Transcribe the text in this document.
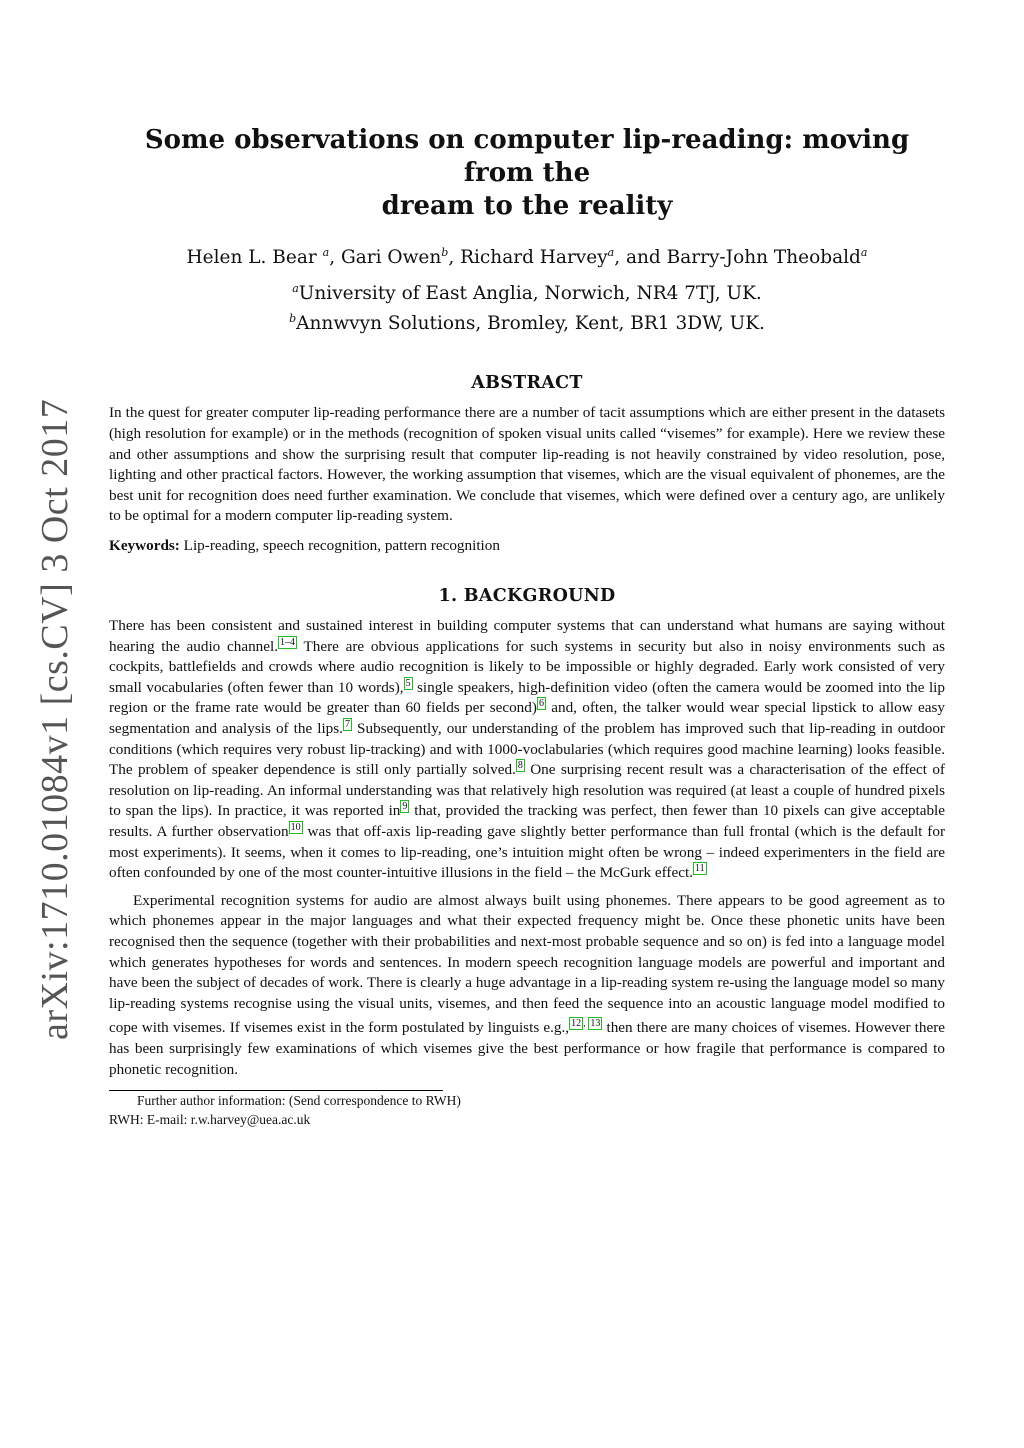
arXiv:1710.01084v1 [cs.CV] 3 Oct 2017
Some observations on computer lip-reading: moving from the
dream to the reality
Helen L. Bear $^a$, Gari Owen$^b$, Richard Harvey$^a$, and Barry-John Theobald$^a$
$^a$University of East Anglia, Norwich, NR4 7TJ, UK.
$^b$Annwvyn Solutions, Bromley, Kent, BR1 3DW, UK.
ABSTRACT

In the quest for greater computer lip-reading performance there are a number of tacit assumptions which are either present in the datasets (high resolution for example) or in the methods (recognition of spoken visual units called “visemes” for example). Here we review these and other assumptions and show the surprising result that computer lip-reading is not heavily constrained by video resolution, pose, lighting and other practical factors. However, the working assumption that visemes, which are the visual equivalent of phonemes, are the best unit for recognition does need further examination. We conclude that visemes, which were defined over a century ago, are unlikely to be optimal for a modern computer lip-reading system.

Keywords: Lip-reading, speech recognition, pattern recognition
1. BACKGROUND

There has been consistent and sustained interest in building computer systems that can understand what humans are saying without hearing the audio channel. $^{1-4}$ There are obvious applications for such systems in security but also in noisy environments such as cockpits, battlefields and crowds where audio recognition is likely to be impossible or highly degraded. Early work consisted of very small vocabularies (often fewer than 10 words), $^5$ single speakers, high-definition video (often the camera would be zoomed into the lip region or the frame rate would be greater than 60 fields per second) $^6$ and, often, the talker would wear special lipstick to allow easy segmentation and analysis of the lips. $^7$ Subsequently, our understanding of the problem has improved such that lip-reading in outdoor conditions (which requires very robust lip-tracking) and with 1000-voclabularies (which requires good machine learning) looks feasible. The problem of speaker dependence is still only partially solved. $^8$ One surprising recent result was a characterisation of the effect of resolution on lip-reading. An informal understanding was that relatively high resolution was required (at least a couple of hundred pixels to span the lips). In practice, it was reported in $^9$ that, provided the tracking was perfect, then fewer than 10 pixels can give acceptable results. A further observation $^{10}$ was that off-axis lip-reading gave slightly better performance than full frontal (which is the default for most experiments). It seems, when it comes to lip-reading, one’s intuition might often be wrong – indeed experimenters in the field are often confounded by one of the most counter-intuitive illusions in the field – the McGurk effect. $^{11}$

Experimental recognition systems for audio are almost always built using phonemes. There appears to be good agreement as to which phonemes appear in the major languages and what their expected frequency might be. Once these phonetic units have been recognised then the sequence (together with their probabilities and next-most probable sequence and so on) is fed into a language model which generates hypotheses for words and sentences. In modern speech recognition language models are powerful and important and have been the subject of decades of work. There is clearly a huge advantage in a lip-reading system re-using the language model so many lip-reading systems recognise using the visual units, visemes, and then feed the sequence into an acoustic language model modified to cope with visemes. If visemes exist in the form postulated by linguists e.g., $^{12}$ , $^{13}$ then there are many choices of visemes. However there has been surprisingly few examinations of which visemes give the best performance or how fragile that performance is compared to phonetic recognition.

Further author information: (Send correspondence to RWH)
RWH: E-mail: r.w.harvey@uea.ac.uk
